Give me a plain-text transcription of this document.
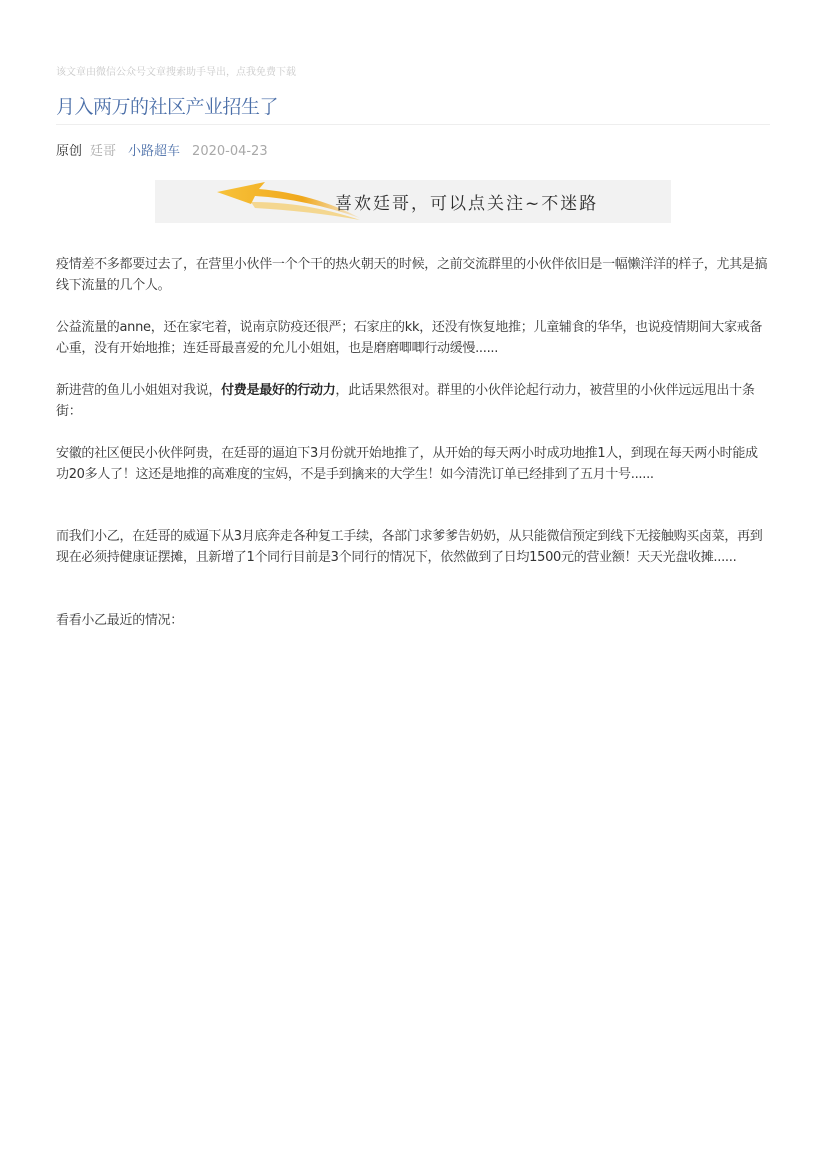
该文章由微信公众号文章搜索助手导出，点我免费下载
月入两万的社区产业招生了
原创 廷哥 小路超车 2020-04-23
喜欢廷哥，可以点关注~不迷路

疫情差不多都要过去了，在营里小伙伴一个个干的热火朝天的时候，之前交流群里的小伙伴依旧是一幅懒洋洋的样子，尤其是搞线下流量的几个人。

公益流量的anne，还在家宅着，说南京防疫还很严；石家庄的kk，还没有恢复地推；儿童辅食的华华，也说疫情期间大家戒备心重，没有开始地推；连廷哥最喜爱的允儿小姐姐，也是磨磨唧唧行动缓慢......

新进营的鱼儿小姐姐对我说，付费是最好的行动力，此话果然很对。群里的小伙伴论起行动力，被营里的小伙伴远远甩出十条街：

安徽的社区便民小伙伴阿贵，在廷哥的逼迫下3月份就开始地推了，从开始的每天两小时成功地推1人，到现在每天两小时能成功20多人了！这还是地推的高难度的宝妈，不是手到擒来的大学生！如今清洗订单已经排到了五月十号......

而我们小乙，在廷哥的威逼下从3月底奔走各种复工手续，各部门求爹爹告奶奶，从只能微信预定到线下无接触购买卤菜，再到现在必须持健康证摆摊，且新增了1个同行目前是3个同行的情况下，依然做到了日均1500元的营业额！天天光盘收摊......

看看小乙最近的情况：
